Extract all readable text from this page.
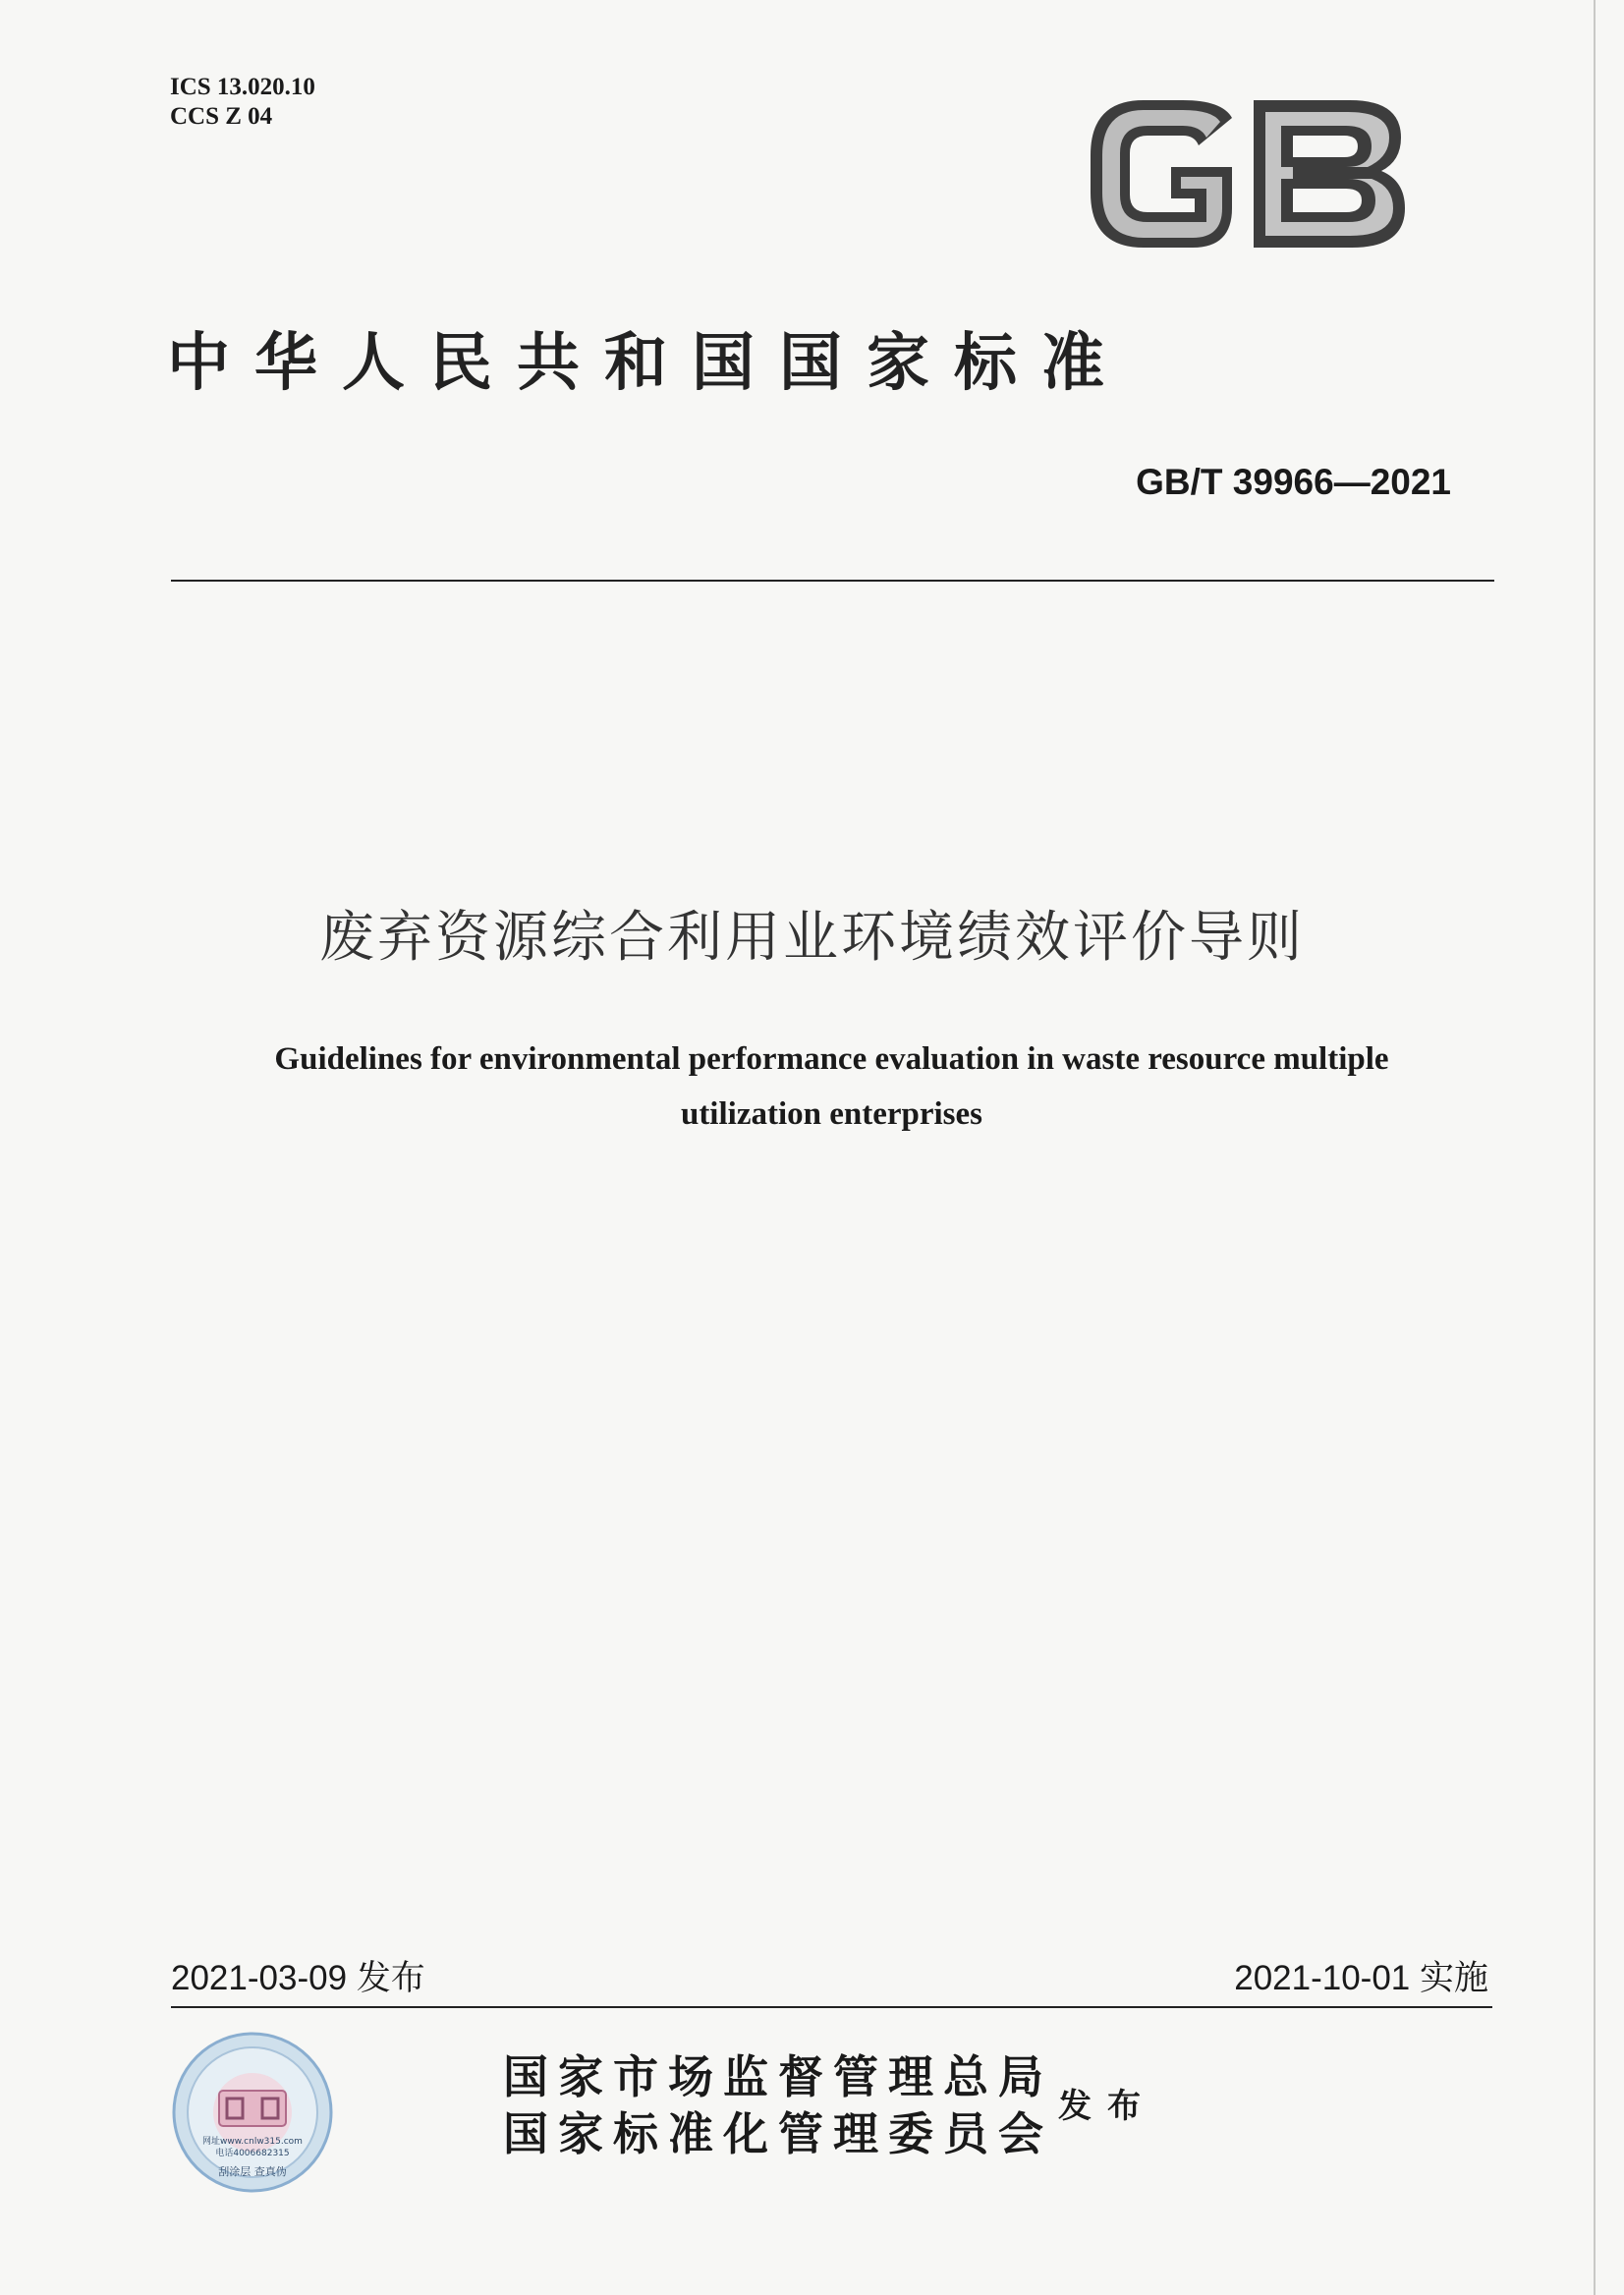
ICS 13.020.10
CCS Z 04
中华人民共和国国家标准
GB/T 39966—2021
废弃资源综合利用业环境绩效评价导则
Guidelines for environmental performance evaluation in waste resource multiple
utilization enterprises
2021-03-09 发布	2021-10-01 实施
网址www.cnlw315.com
电话4006682315
刮涂层 查真伪
国家市场监督管理总局
国家标准化管理委员会
发布
